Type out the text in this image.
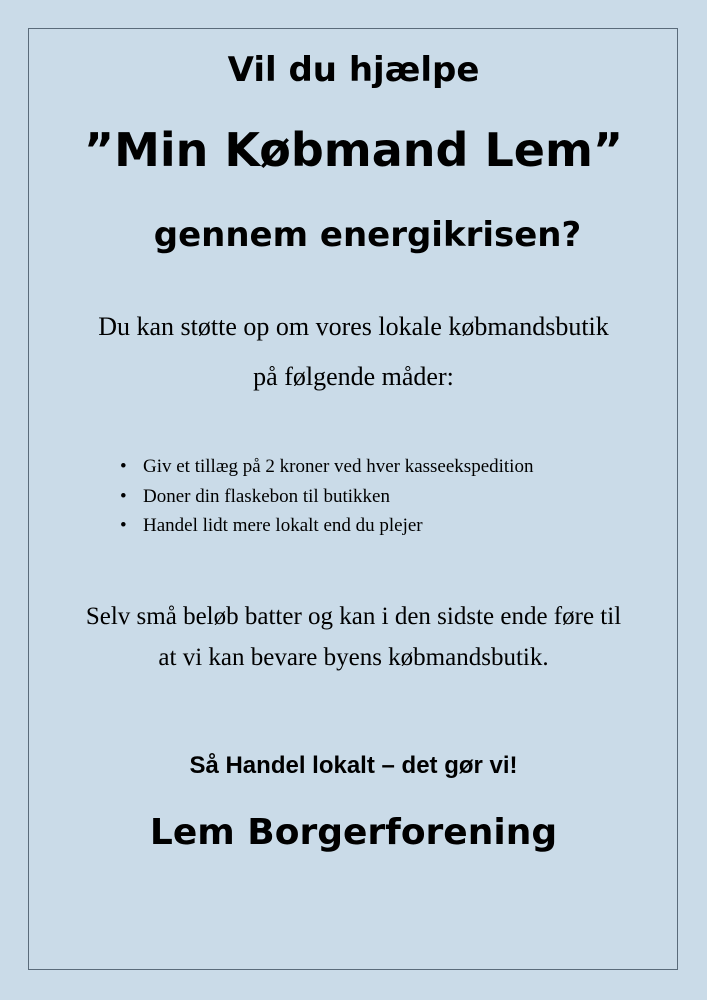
Vil du hjælpe
”Min Købmand Lem”
gennem energikrisen?
Du kan støtte op om vores lokale købmandsbutik
på følgende måder:
• Giv et tillæg på 2 kroner ved hver kasseekspedition
• Doner din flaskebon til butikken
• Handel lidt mere lokalt end du plejer
Selv små beløb batter og kan i den sidste ende føre til
at vi kan bevare byens købmandsbutik.
Så Handel lokalt – det gør vi!
Lem Borgerforening
